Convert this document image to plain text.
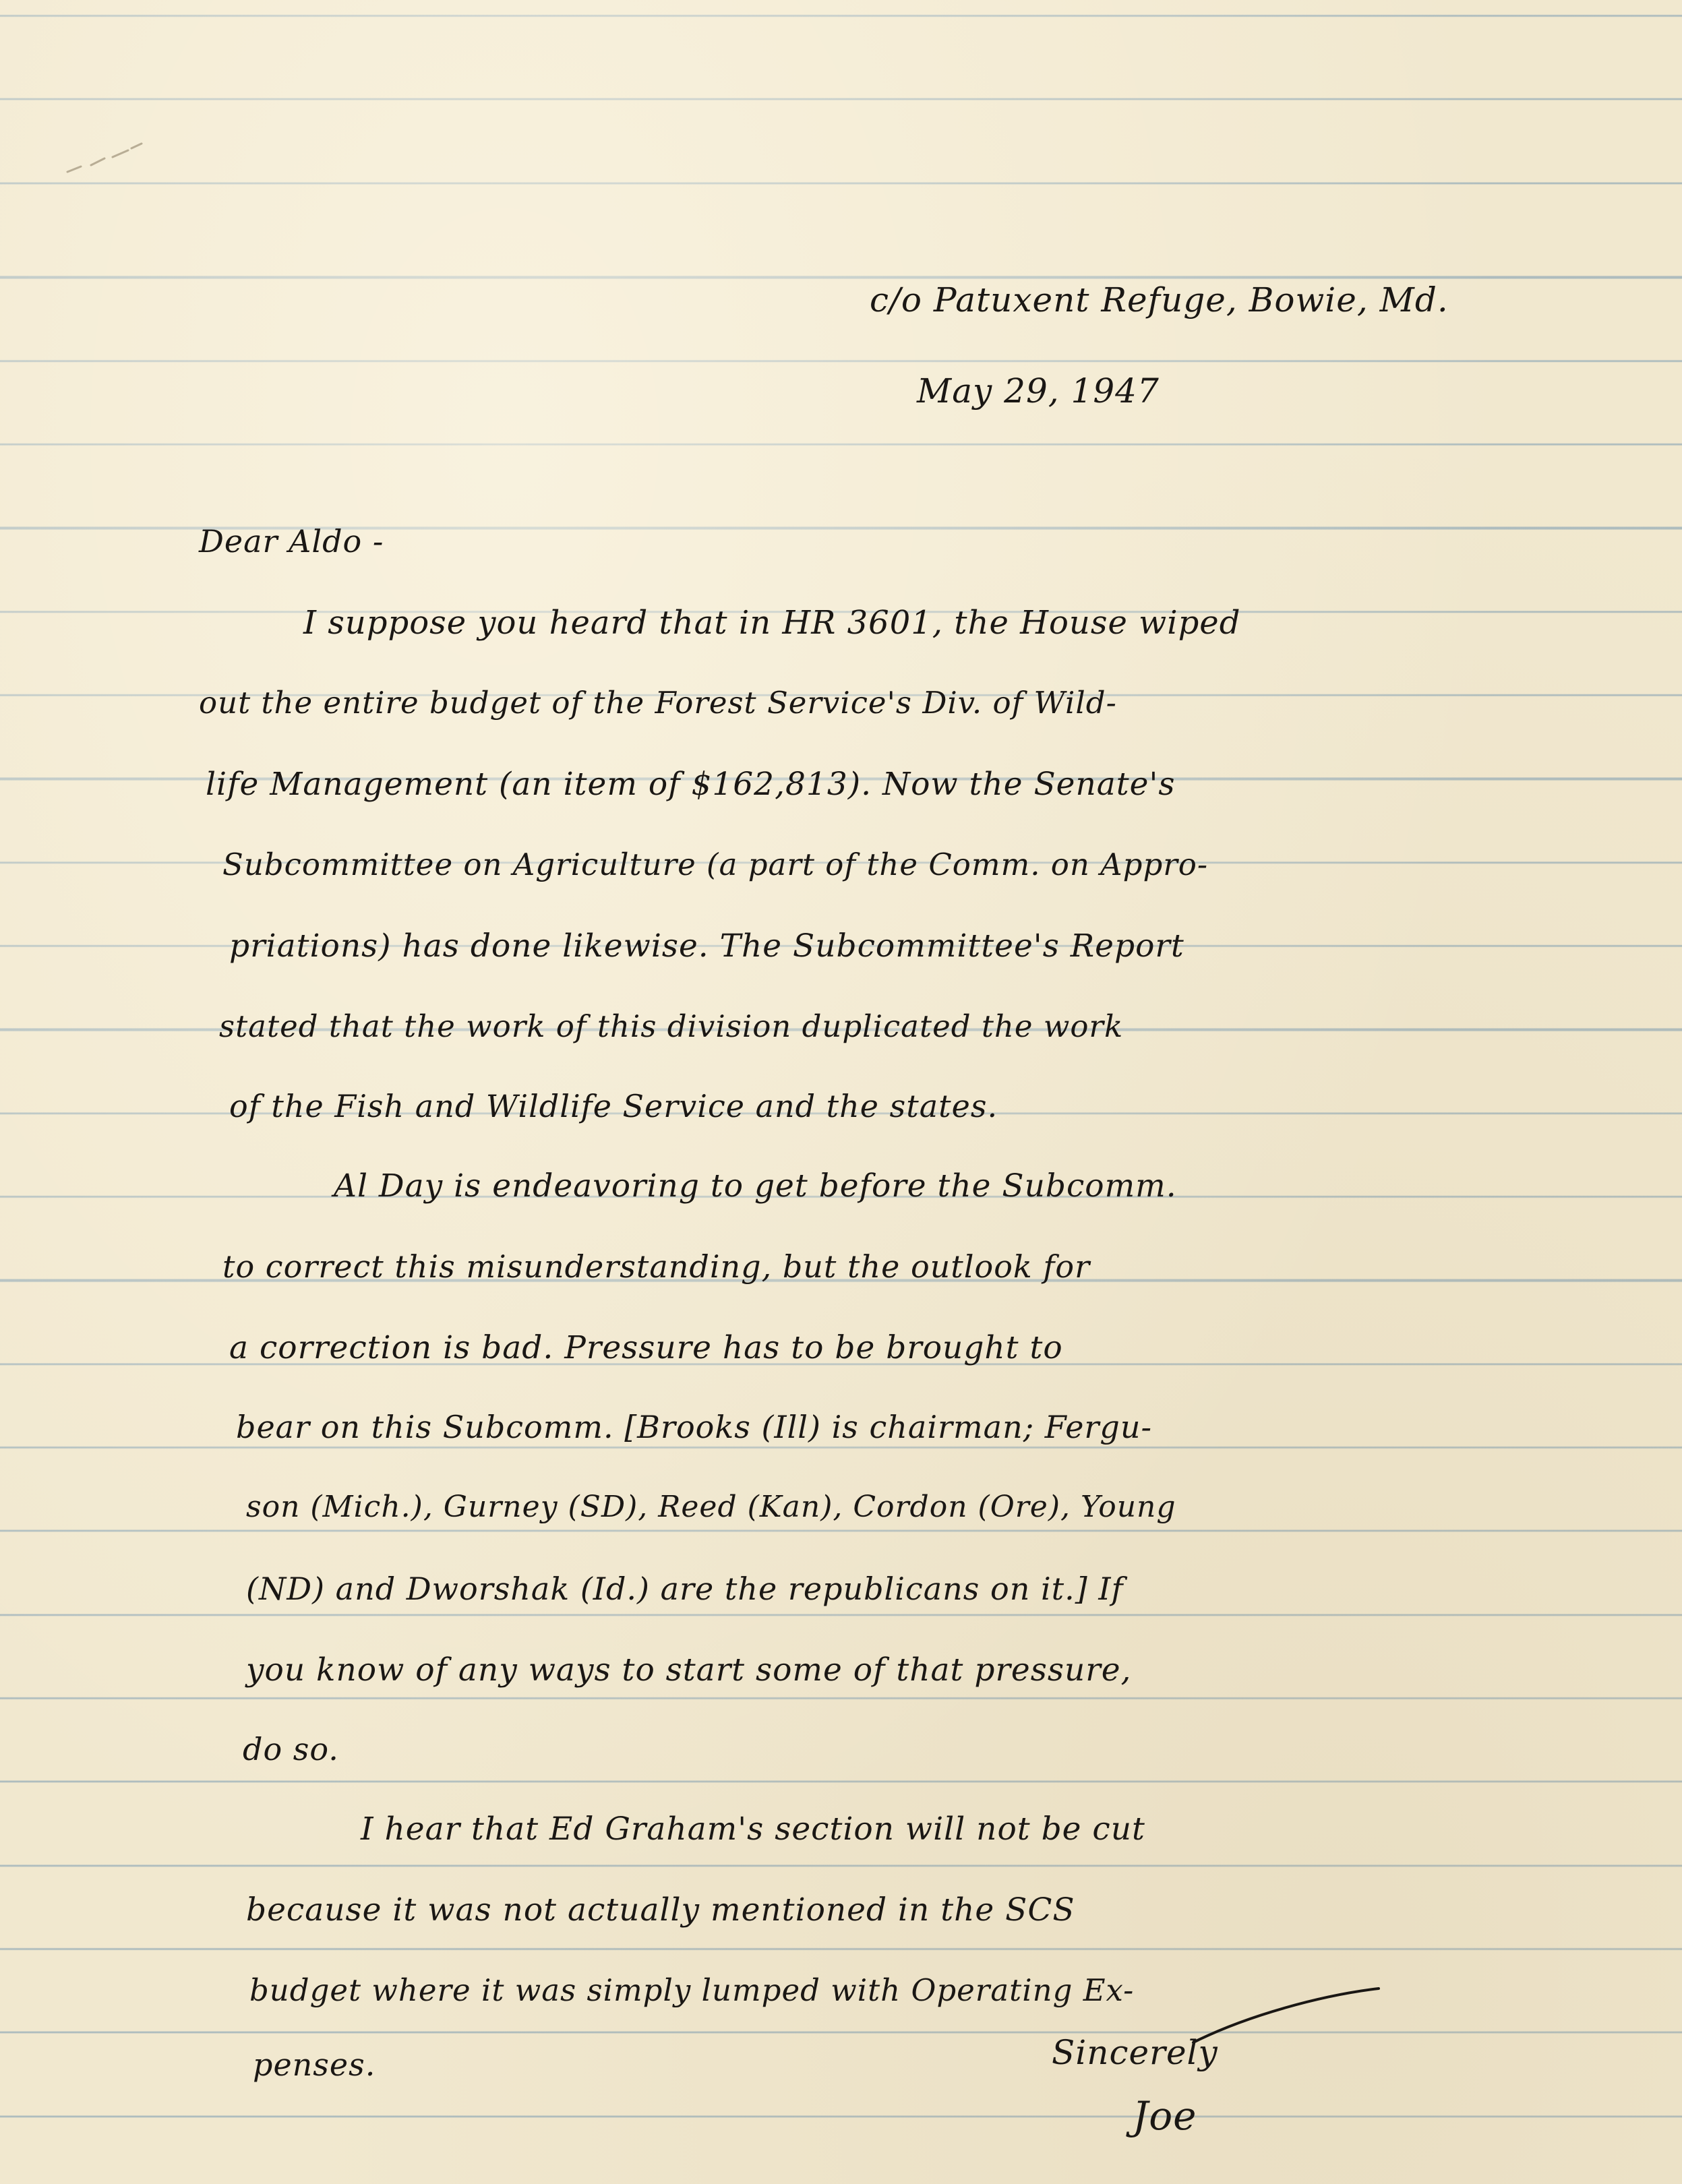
c/o Patuxent Refuge, Bowie, Md.
May 29, 1947
Dear Aldo -
I suppose you heard that in HR 3601, the House wiped
out the entire budget of the Forest Service's Div. of Wild-
life Management (an item of $162,813). Now the Senate's
Subcommittee on Agriculture (a part of the Comm. on Appro-
priations) has done likewise. The Subcommittee's Report
stated that the work of this division duplicated the work
of the Fish and Wildlife Service and the states.
Al Day is endeavoring to get before the Subcomm.
to correct this misunderstanding, but the outlook for
a correction is bad. Pressure has to be brought to
bear on this Subcomm. [Brooks (Ill) is chairman; Fergu-
son (Mich.), Gurney (SD), Reed (Kan), Cordon (Ore), Young
(ND) and Dworshak (Id.) are the republicans on it.] If
you know of any ways to start some of that pressure,
do so.
I hear that Ed Graham's section will not be cut
because it was not actually mentioned in the SCS
budget where it was simply lumped with Operating Ex-
penses.	Sincerely
Joe
